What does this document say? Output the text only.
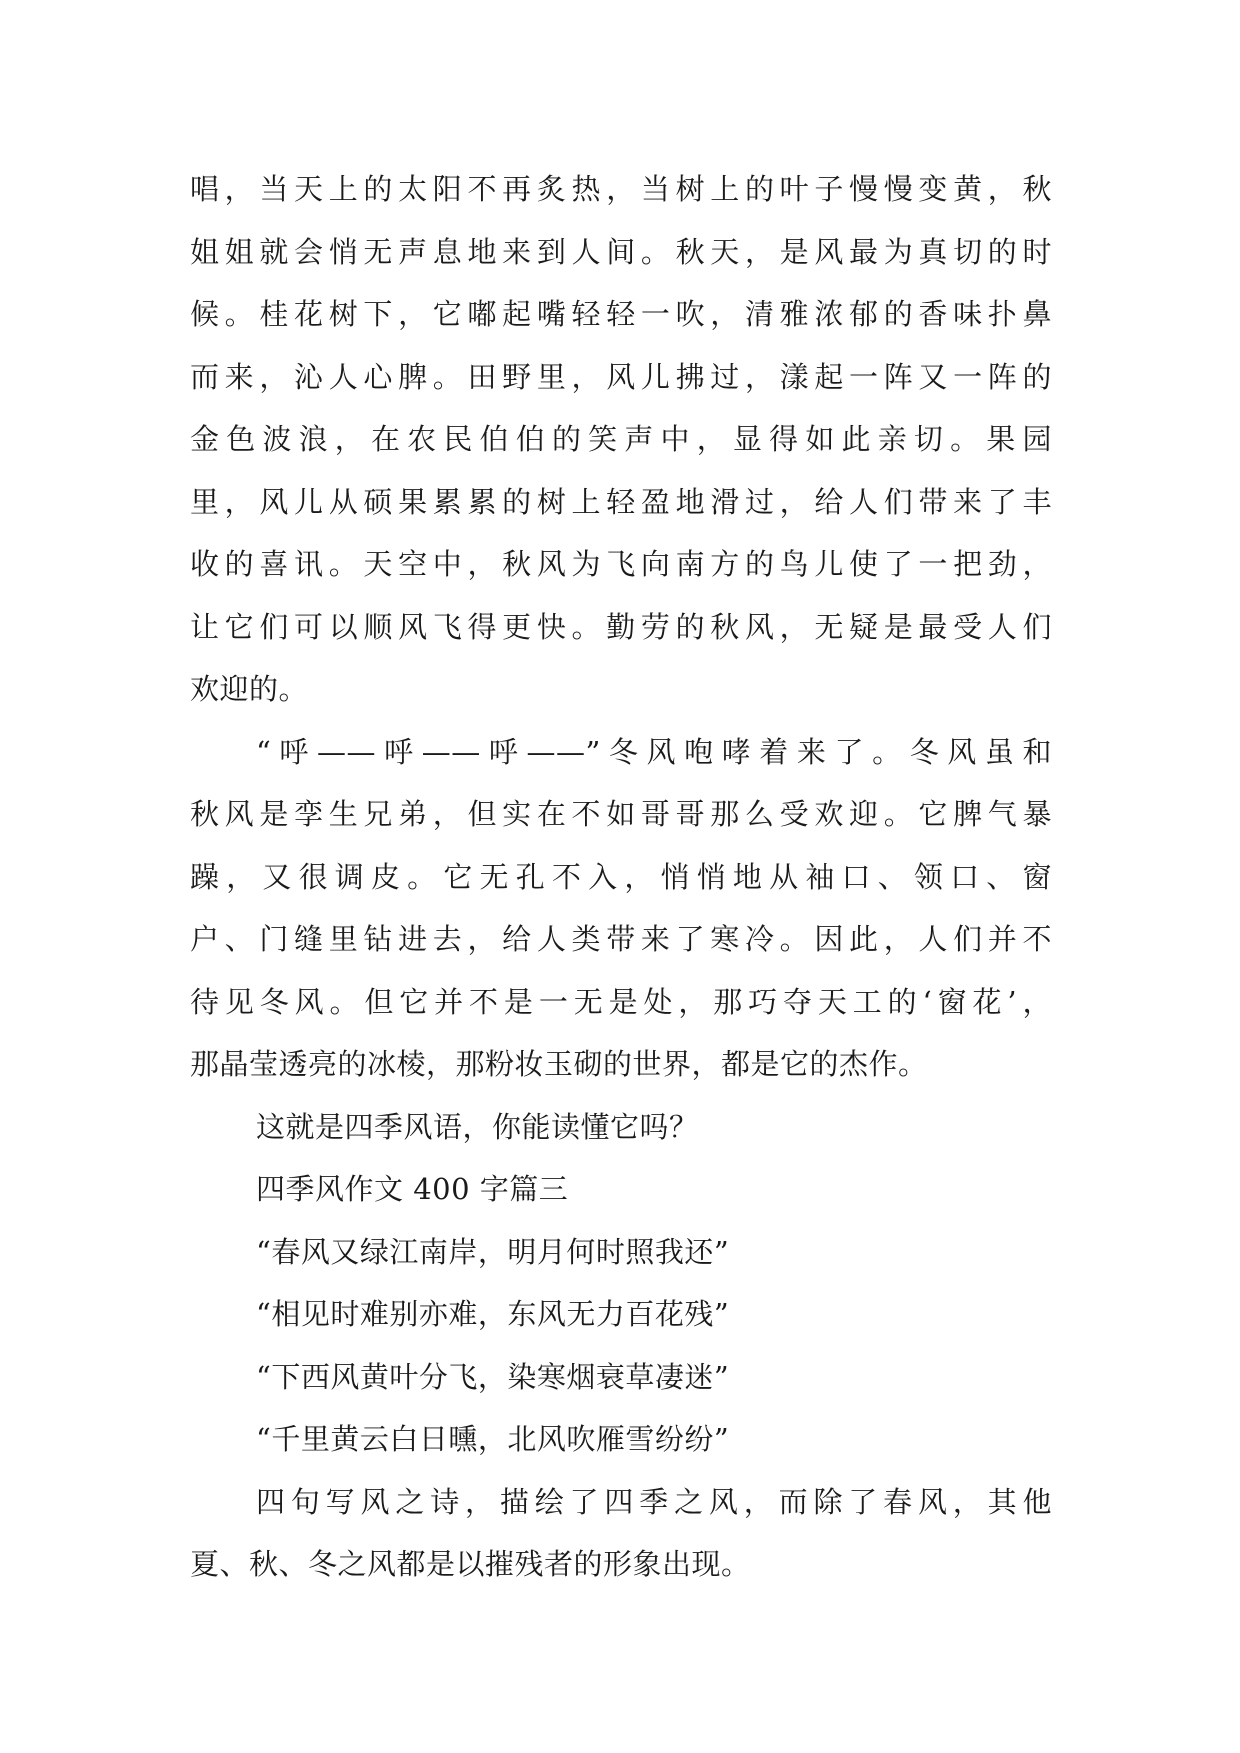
唱，当天上的太阳不再炙热，当树上的叶子慢慢变黄，秋
姐姐就会悄无声息地来到人间。秋天，是风最为真切的时
候。桂花树下，它嘟起嘴轻轻一吹，清雅浓郁的香味扑鼻
而来，沁人心脾。田野里，风儿拂过，漾起一阵又一阵的
金色波浪，在农民伯伯的笑声中，显得如此亲切。果园
里，风儿从硕果累累的树上轻盈地滑过，给人们带来了丰
收的喜讯。天空中，秋风为飞向南方的鸟儿使了一把劲，
让它们可以顺风飞得更快。勤劳的秋风，无疑是最受人们
欢迎的。
“呼——呼——呼——”冬风咆哮着来了。冬风虽和
秋风是孪生兄弟，但实在不如哥哥那么受欢迎。它脾气暴
躁，又很调皮。它无孔不入，悄悄地从袖口、领口、窗
户、门缝里钻进去，给人类带来了寒冷。因此，人们并不
待见冬风。但它并不是一无是处，那巧夺天工的‘窗花’，
那晶莹透亮的冰棱，那粉妆玉砌的世界，都是它的杰作。
这就是四季风语，你能读懂它吗？
四季风作文 400 字篇三
“春风又绿江南岸，明月何时照我还”
“相见时难别亦难，东风无力百花残”
“下西风黄叶分飞，染寒烟衰草凄迷”
“千里黄云白日曛，北风吹雁雪纷纷”
四句写风之诗，描绘了四季之风，而除了春风，其他
夏、秋、冬之风都是以摧残者的形象出现。
